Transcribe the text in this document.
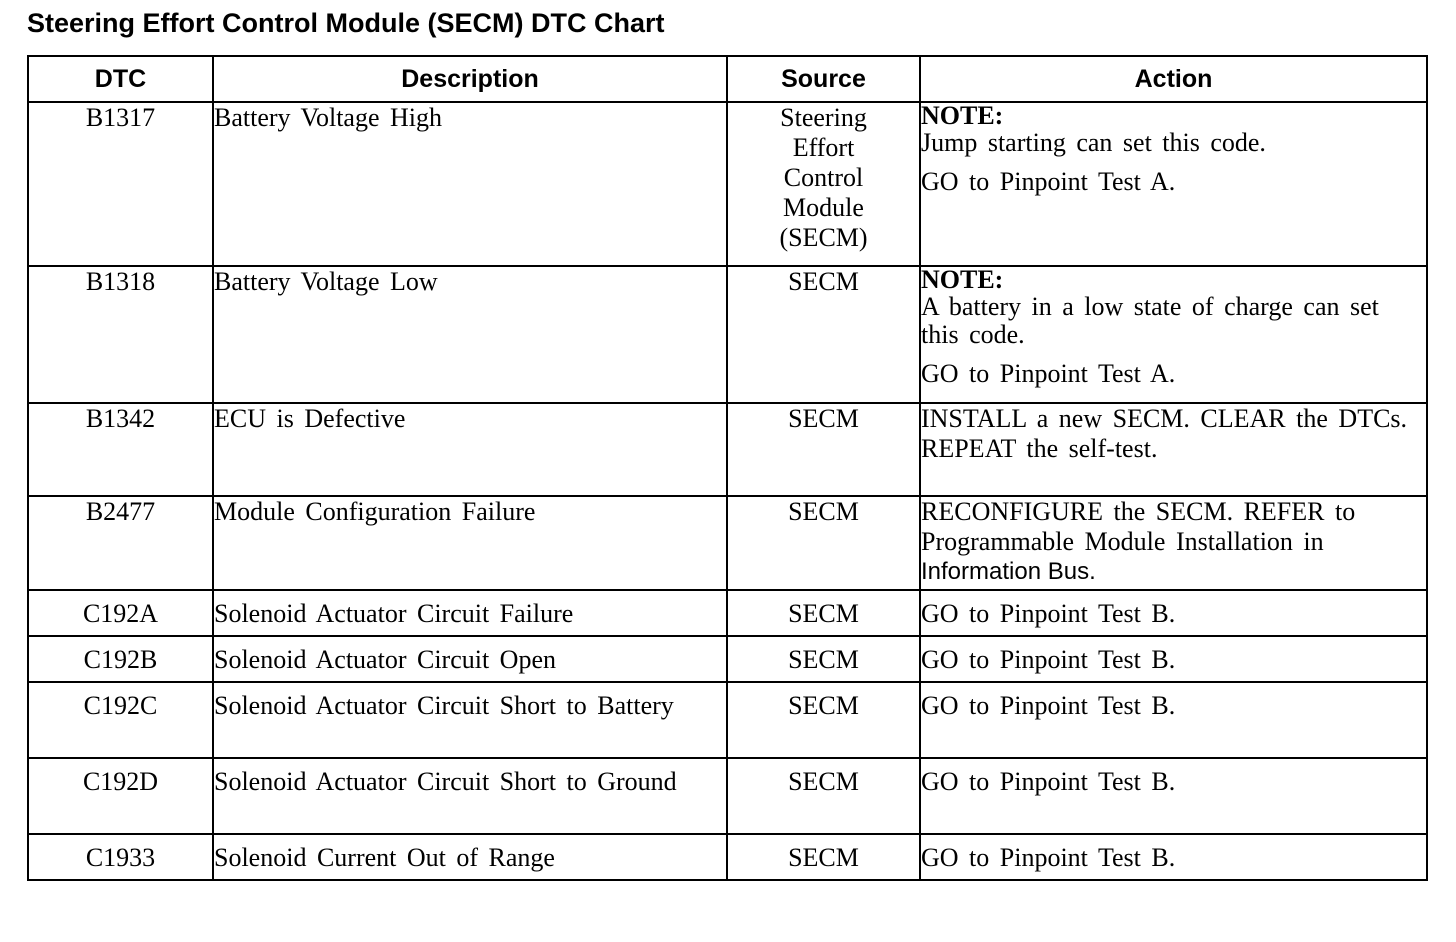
Steering Effort Control Module (SECM) DTC Chart
DTC	Description	Source	Action
B1317	Battery Voltage High	Steering Effort Control Module (SECM)	NOTE:
Jump starting can set this code.
GO to Pinpoint Test A.

B1318	Battery Voltage Low	SECM	NOTE:
A battery in a low state of charge can set this code.
GO to Pinpoint Test A.

B1342	ECU is Defective	SECM	INSTALL a new SECM. CLEAR the DTCs. REPEAT the self-test.
B2477	Module Configuration Failure	SECM	RECONFIGURE the SECM. REFER to Programmable Module Installation in
Information Bus.

C192A	Solenoid Actuator Circuit Failure	SECM	GO to Pinpoint Test B.
C192B	Solenoid Actuator Circuit Open	SECM	GO to Pinpoint Test B.
C192C	Solenoid Actuator Circuit Short to Battery	SECM	GO to Pinpoint Test B.
C192D	Solenoid Actuator Circuit Short to Ground	SECM	GO to Pinpoint Test B.
C1933	Solenoid Current Out of Range	SECM	GO to Pinpoint Test B.
